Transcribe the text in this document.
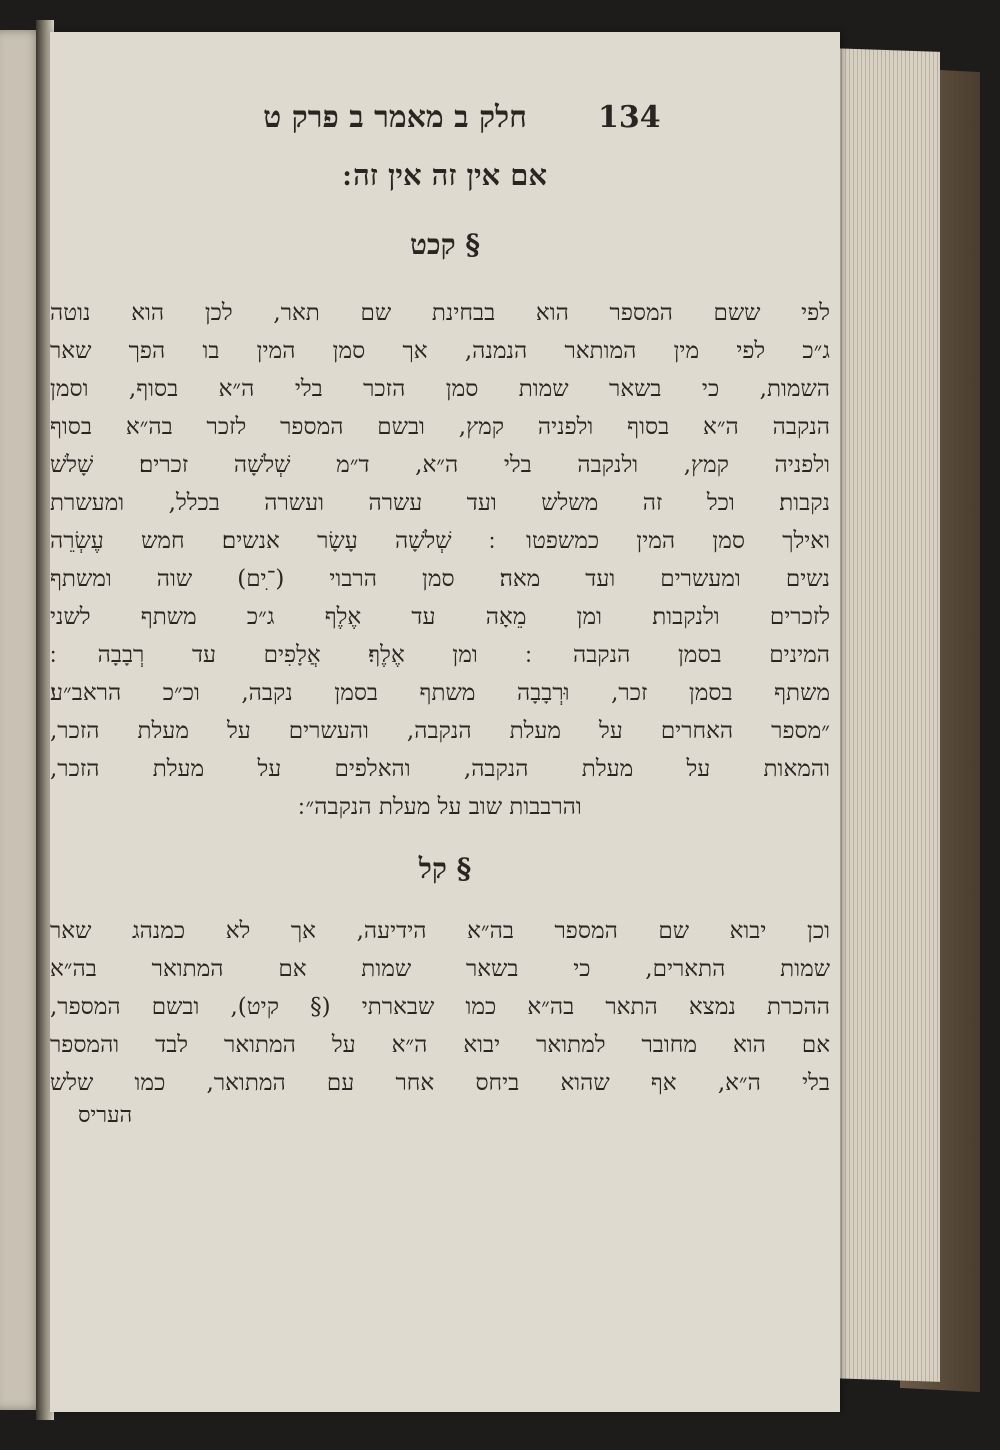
134
חלק ב מאמר ב פרק ט
אם אין זה אין זה ׃
§ קכט
לפי ששם המספר הוא בבחינת שם תאר, לכן הוא נוטה
ג״כ לפי מין המותאר הנמנה, אך סמן המין בו הפך שאר
השמות, כי בשאר שמות סמן הזכר בלי ה״א בסוף, וסמן
הנקבה ה״א בסוף ולפניה קמץ, ובשם המספר לזכר בה״א בסוף
ולפניה קמץ, ולנקבה בלי ה״א, ד״מ שְׁלֹשָׁה זכרים׃ שָׁלֹש
נקבות׃ וכל זה משלש ועד עשרה ועשרה בכלל, ומעשרת
ואילך סמן המין כמשפטו ׃ שְׁלֹשָׁה עָשָׂר אנשים׃ חמש עֶשְׂרֵה
נשים ומעשרים ועד מאה׃ סמן הרבוי (־ִים) שוה ומשתף
לזכרים ולנקבות׃ ומן מֵאָה עד אֶלֶף ג״כ משתף לשני
המינים בסמן הנקבה ׃ ומן אֶלֶף׃ אֲלָפִים עד רְבָבָה ׃
משתף בסמן זכר, וּרְבָבָה משתף בסמן נקבה, וכ״כ הראב״ע׃
״מספר האחרים על מעלת הנקבה, והעשרים על מעלת הזכר,
והמאות על מעלת הנקבה, והאלפים על מעלת הזכר,
והרבבות שוב על מעלת הנקבה״ ׃
§ קל
וכן יבוא שם המספר בה״א הידיעה, אך לא כמנהג שאר
שמות התארים, כי בשאר שמות אם המתואר בה״א
ההכרת נמצא התאר בה״א כמו שבארתי (§ קיט), ובשם המספר,
אם הוא מחובר למתואר יבוא ה״א על המתואר לבד והמספר
בלי ה״א, אף שהוא ביחס אחר עם המתואר, כמו שלש
העריס
